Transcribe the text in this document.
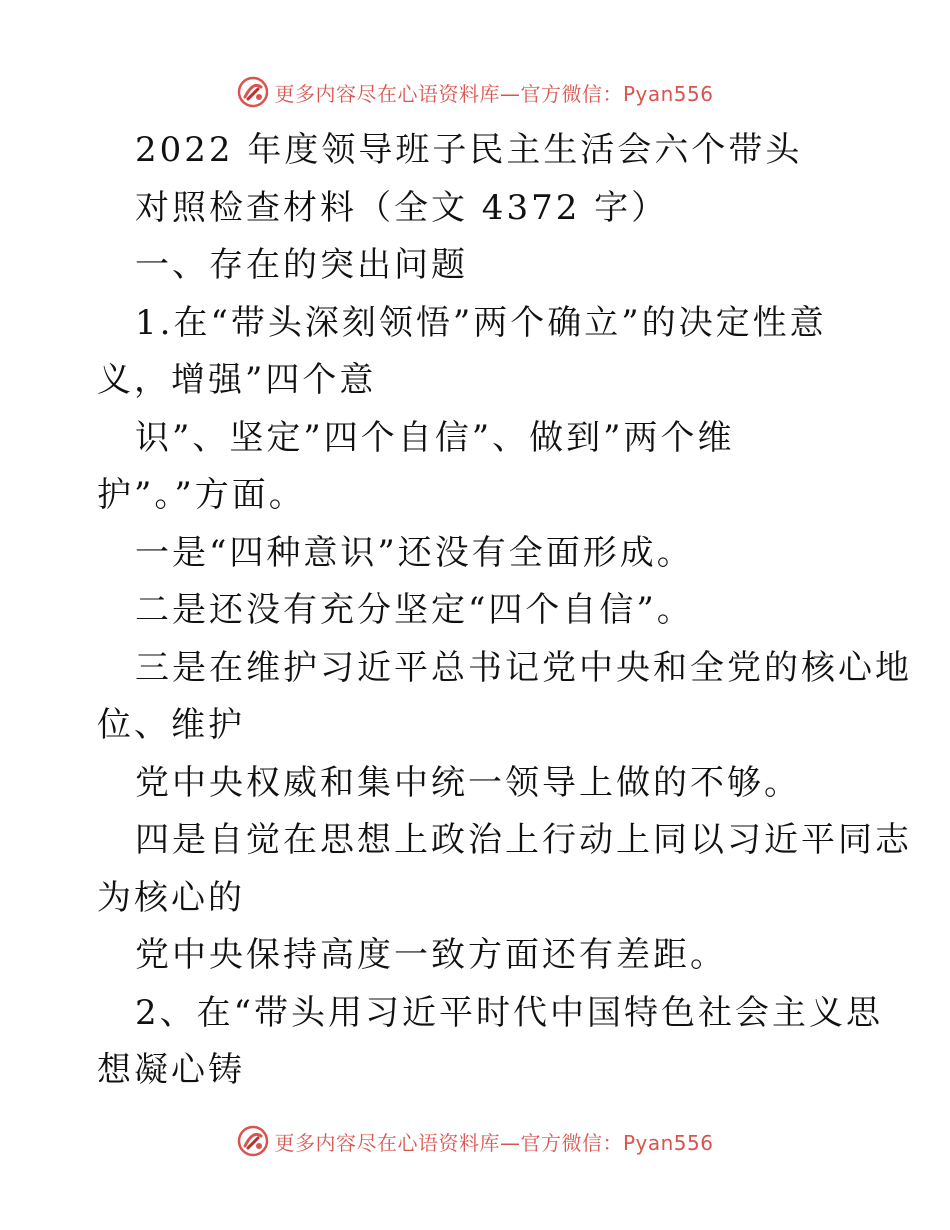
更多内容尽在心语资料库—官方微信：Pyan556
2022 年度领导班子民主生活会六个带头
对照检查材料（全文 4372 字）
一、存在的突出问题
1.在“带头深刻领悟”两个确立”的决定性意
义，增强”四个意
识”、坚定”四个自信”、做到”两个维
护”。”方面。
一是“四种意识”还没有全面形成。
二是还没有充分坚定“四个自信”。
三是在维护习近平总书记党中央和全党的核心地
位、维护
党中央权威和集中统一领导上做的不够。
四是自觉在思想上政治上行动上同以习近平同志
为核心的
党中央保持高度一致方面还有差距。
2、在“带头用习近平时代中国特色社会主义思
想凝心铸
更多内容尽在心语资料库—官方微信：Pyan556
